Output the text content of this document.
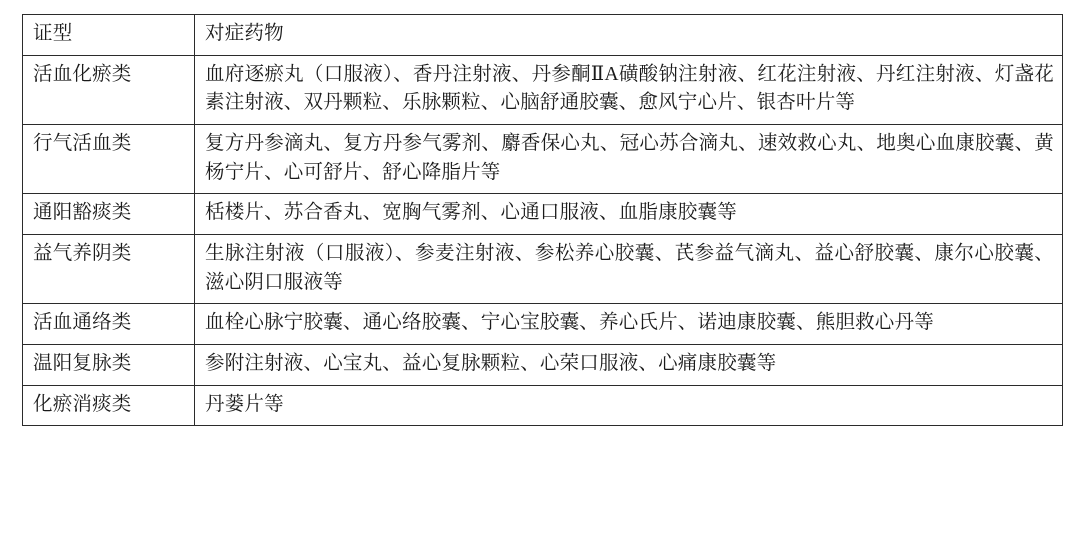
证型	对症药物

活血化瘀类	血府逐瘀丸（口服液）、香丹注射液、丹参酮ⅡA磺酸钠注射液、红花注射液、丹红注射液、灯盏花素注射液、双丹颗粒、乐脉颗粒、心脑舒通胶囊、愈风宁心片、银杏叶片等

行气活血类	复方丹参滴丸、复方丹参气雾剂、麝香保心丸、冠心苏合滴丸、速效救心丸、地奥心血康胶囊、黄杨宁片、心可舒片、舒心降脂片等

通阳豁痰类	栝楼片、苏合香丸、宽胸气雾剂、心通口服液、血脂康胶囊等

益气养阴类	生脉注射液（口服液）、参麦注射液、参松养心胶囊、芪参益气滴丸、益心舒胶囊、康尔心胶囊、滋心阴口服液等

活血通络类	血栓心脉宁胶囊、通心络胶囊、宁心宝胶囊、养心氏片、诺迪康胶囊、熊胆救心丹等

温阳复脉类	参附注射液、心宝丸、益心复脉颗粒、心荣口服液、心痛康胶囊等

化瘀消痰类	丹蒌片等
